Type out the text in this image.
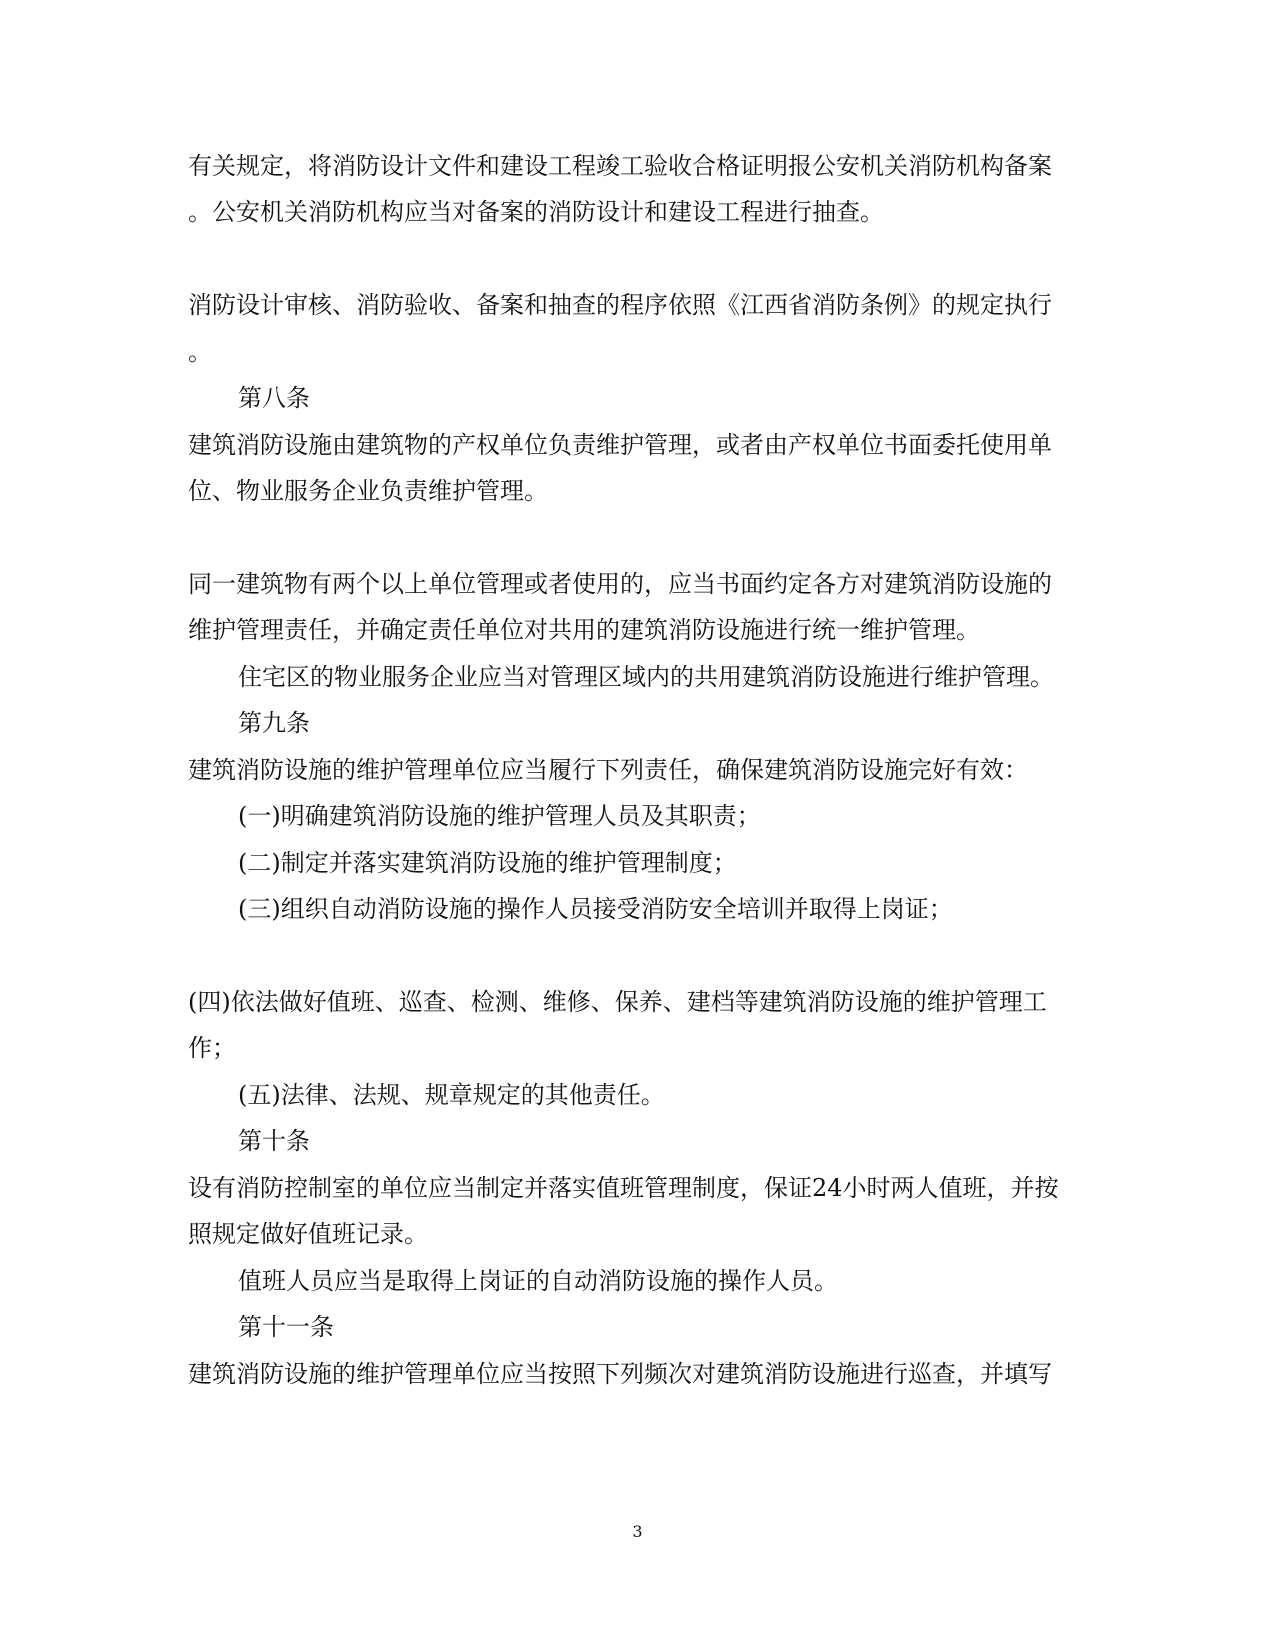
有关规定，将消防设计文件和建设工程竣工验收合格证明报公安机关消防机构备案
。公安机关消防机构应当对备案的消防设计和建设工程进行抽查。
消防设计审核、消防验收、备案和抽查的程序依照《江西省消防条例》的规定执行
。
第八条
建筑消防设施由建筑物的产权单位负责维护管理，或者由产权单位书面委托使用单
位、物业服务企业负责维护管理。
同一建筑物有两个以上单位管理或者使用的，应当书面约定各方对建筑消防设施的
维护管理责任，并确定责任单位对共用的建筑消防设施进行统一维护管理。
住宅区的物业服务企业应当对管理区域内的共用建筑消防设施进行维护管理。
第九条
建筑消防设施的维护管理单位应当履行下列责任，确保建筑消防设施完好有效：
(一)明确建筑消防设施的维护管理人员及其职责；
(二)制定并落实建筑消防设施的维护管理制度；
(三)组织自动消防设施的操作人员接受消防安全培训并取得上岗证；
(四)依法做好值班、巡查、检测、维修、保养、建档等建筑消防设施的维护管理工
作；
(五)法律、法规、规章规定的其他责任。
第十条
设有消防控制室的单位应当制定并落实值班管理制度，保证24小时两人值班，并按
照规定做好值班记录。
值班人员应当是取得上岗证的自动消防设施的操作人员。
第十一条
建筑消防设施的维护管理单位应当按照下列频次对建筑消防设施进行巡查，并填写
3
